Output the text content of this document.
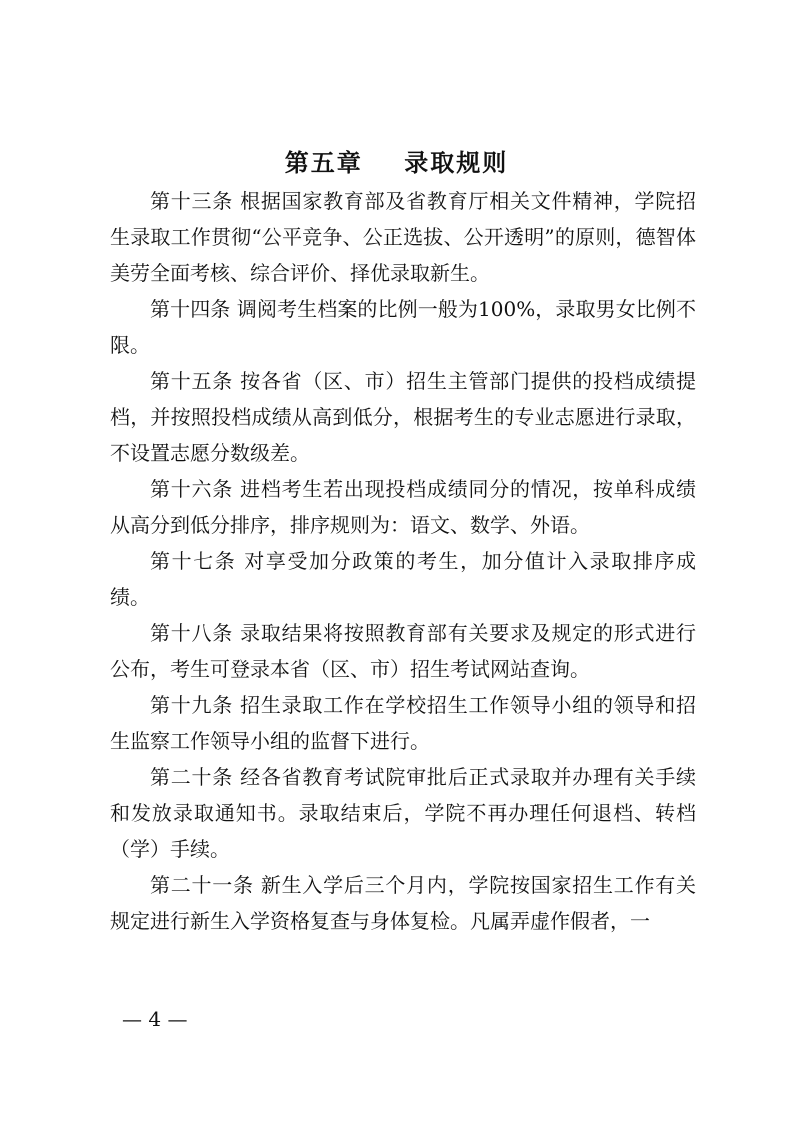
第五章    录取规则

第十三条 根据国家教育部及省教育厅相关文件精神，学院招生录取工作贯彻“公平竞争、公正选拔、公开透明”的原则，德智体美劳全面考核、综合评价、择优录取新生。

第十四条 调阅考生档案的比例一般为100%，录取男女比例不限。

第十五条 按各省（区、市）招生主管部门提供的投档成绩提档，并按照投档成绩从高到低分，根据考生的专业志愿进行录取，不设置志愿分数级差。

第十六条 进档考生若出现投档成绩同分的情况，按单科成绩从高分到低分排序，排序规则为：语文、数学、外语。

第十七条 对享受加分政策的考生，加分值计入录取排序成绩。

第十八条 录取结果将按照教育部有关要求及规定的形式进行公布，考生可登录本省（区、市）招生考试网站查询。

第十九条 招生录取工作在学校招生工作领导小组的领导和招生监察工作领导小组的监督下进行。

第二十条 经各省教育考试院审批后正式录取并办理有关手续和发放录取通知书。录取结束后，学院不再办理任何退档、转档（学）手续。

第二十一条 新生入学后三个月内，学院按国家招生工作有关规定进行新生入学资格复查与身体复检。凡属弄虚作假者，一

— 4 —
